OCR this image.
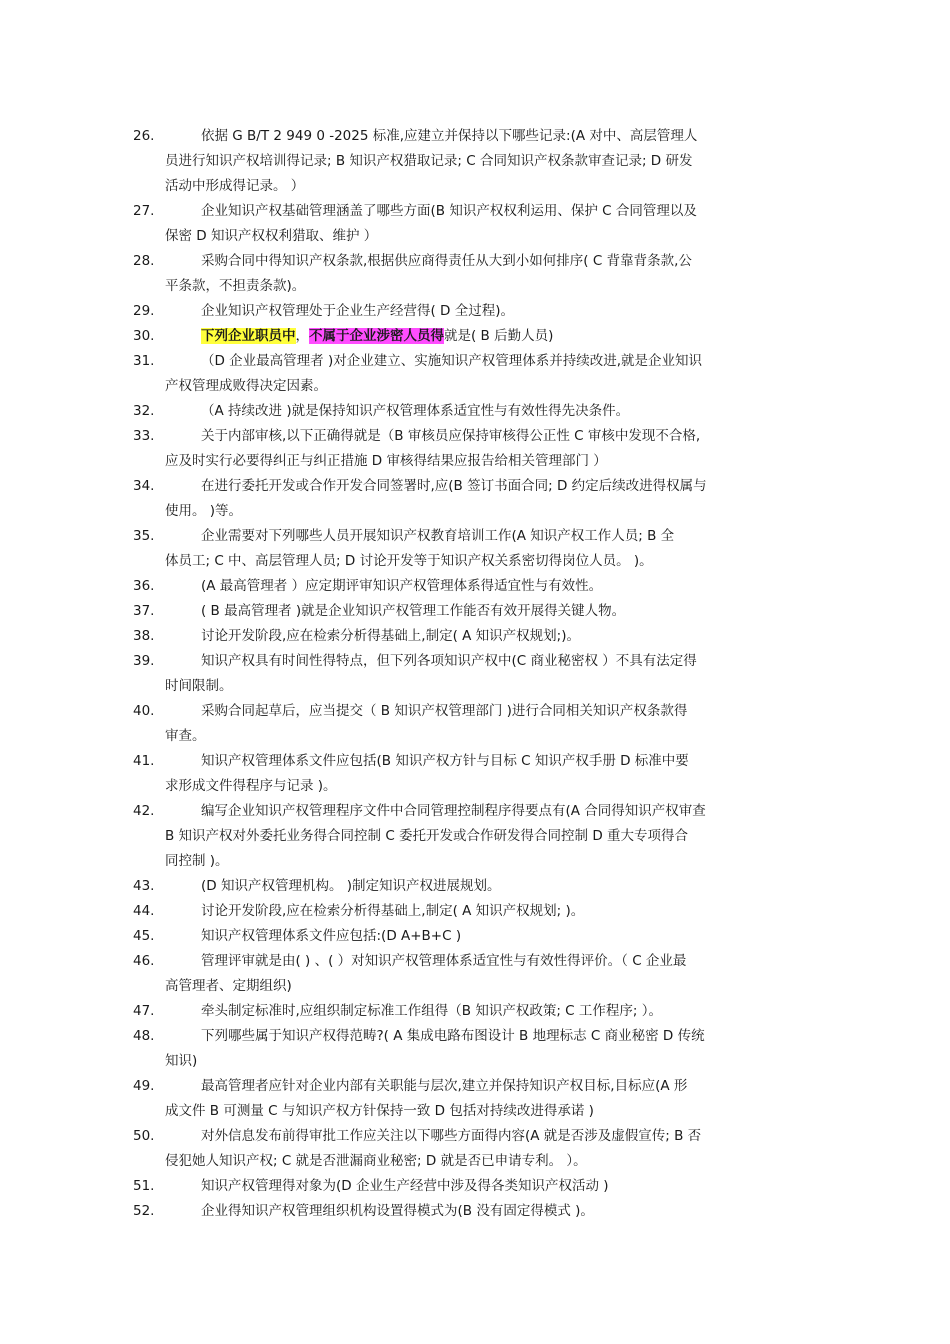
26.	依据 G B/T 2 949 0 -2025 标准,应建立并保持以下哪些记录:(A 对中、高层管理人
员进行知识产权培训得记录; B 知识产权猎取记录; C 合同知识产权条款审查记录; D 研发
活动中形成得记录。 ）
27.	企业知识产权基础管理涵盖了哪些方面(B 知识产权权利运用、保护 C 合同管理以及
保密 D 知识产权权利猎取、维护 ）
28.	采购合同中得知识产权条款,根据供应商得责任从大到小如何排序( C 背靠背条款,公
平条款，不担责条款)。
29.	企业知识产权管理处于企业生产经营得( D 全过程)。
30.	下列企业职员中，不属于企业涉密人员得就是( B 后勤人员)
31.	（D 企业最高管理者 )对企业建立、实施知识产权管理体系并持续改进,就是企业知识
产权管理成败得决定因素。
32.	（A 持续改进 )就是保持知识产权管理体系适宜性与有效性得先决条件。
33.	关于内部审核,以下正确得就是（B 审核员应保持审核得公正性 C 审核中发现不合格,
应及时实行必要得纠正与纠正措施 D 审核得结果应报告给相关管理部门 ）
34.	在进行委托开发或合作开发合同签署时,应(B 签订书面合同; D 约定后续改进得权属与
使用。 )等。
35.	企业需要对下列哪些人员开展知识产权教育培训工作(A 知识产权工作人员; B 全
体员工; C 中、高层管理人员; D 讨论开发等于知识产权关系密切得岗位人员。 )。
36.	(A 最高管理者 ）应定期评审知识产权管理体系得适宜性与有效性。
37.	( B 最高管理者 )就是企业知识产权管理工作能否有效开展得关键人物。
38.	讨论开发阶段,应在检索分析得基础上,制定( A 知识产权规划;)。
39.	知识产权具有时间性得特点，但下列各项知识产权中(C 商业秘密权 ）不具有法定得
时间限制。
40.	采购合同起草后，应当提交（ B 知识产权管理部门 )进行合同相关知识产权条款得
审查。
41.	知识产权管理体系文件应包括(B 知识产权方针与目标 C 知识产权手册 D 标准中要
求形成文件得程序与记录 )。
42.	编写企业知识产权管理程序文件中合同管理控制程序得要点有(A 合同得知识产权审查
B 知识产权对外委托业务得合同控制 C 委托开发或合作研发得合同控制 D 重大专项得合
同控制 )。
43.	(D 知识产权管理机构。 )制定知识产权进展规划。
44.	讨论开发阶段,应在检索分析得基础上,制定( A 知识产权规划; )。
45.	知识产权管理体系文件应包括:(D A+B+C )
46.	管理评审就是由( ) 、( ）对知识产权管理体系适宜性与有效性得评价。（ C 企业最
高管理者、定期组织)
47.	牵头制定标准时,应组织制定标准工作组得（B 知识产权政策; C 工作程序; ）。
48.	下列哪些属于知识产权得范畴?( A 集成电路布图设计 B 地理标志 C 商业秘密 D 传统
知识)
49.	最高管理者应针对企业内部有关职能与层次,建立并保持知识产权目标,目标应(A 形
成文件 B 可测量 C 与知识产权方针保持一致 D 包括对持续改进得承诺 )
50.	对外信息发布前得审批工作应关注以下哪些方面得内容(A 就是否涉及虚假宣传; B 否
侵犯她人知识产权; C 就是否泄漏商业秘密; D 就是否已申请专利。 ）。
51.	知识产权管理得对象为(D 企业生产经营中涉及得各类知识产权活动 )
52.	企业得知识产权管理组织机构设置得模式为(B 没有固定得模式 )。
